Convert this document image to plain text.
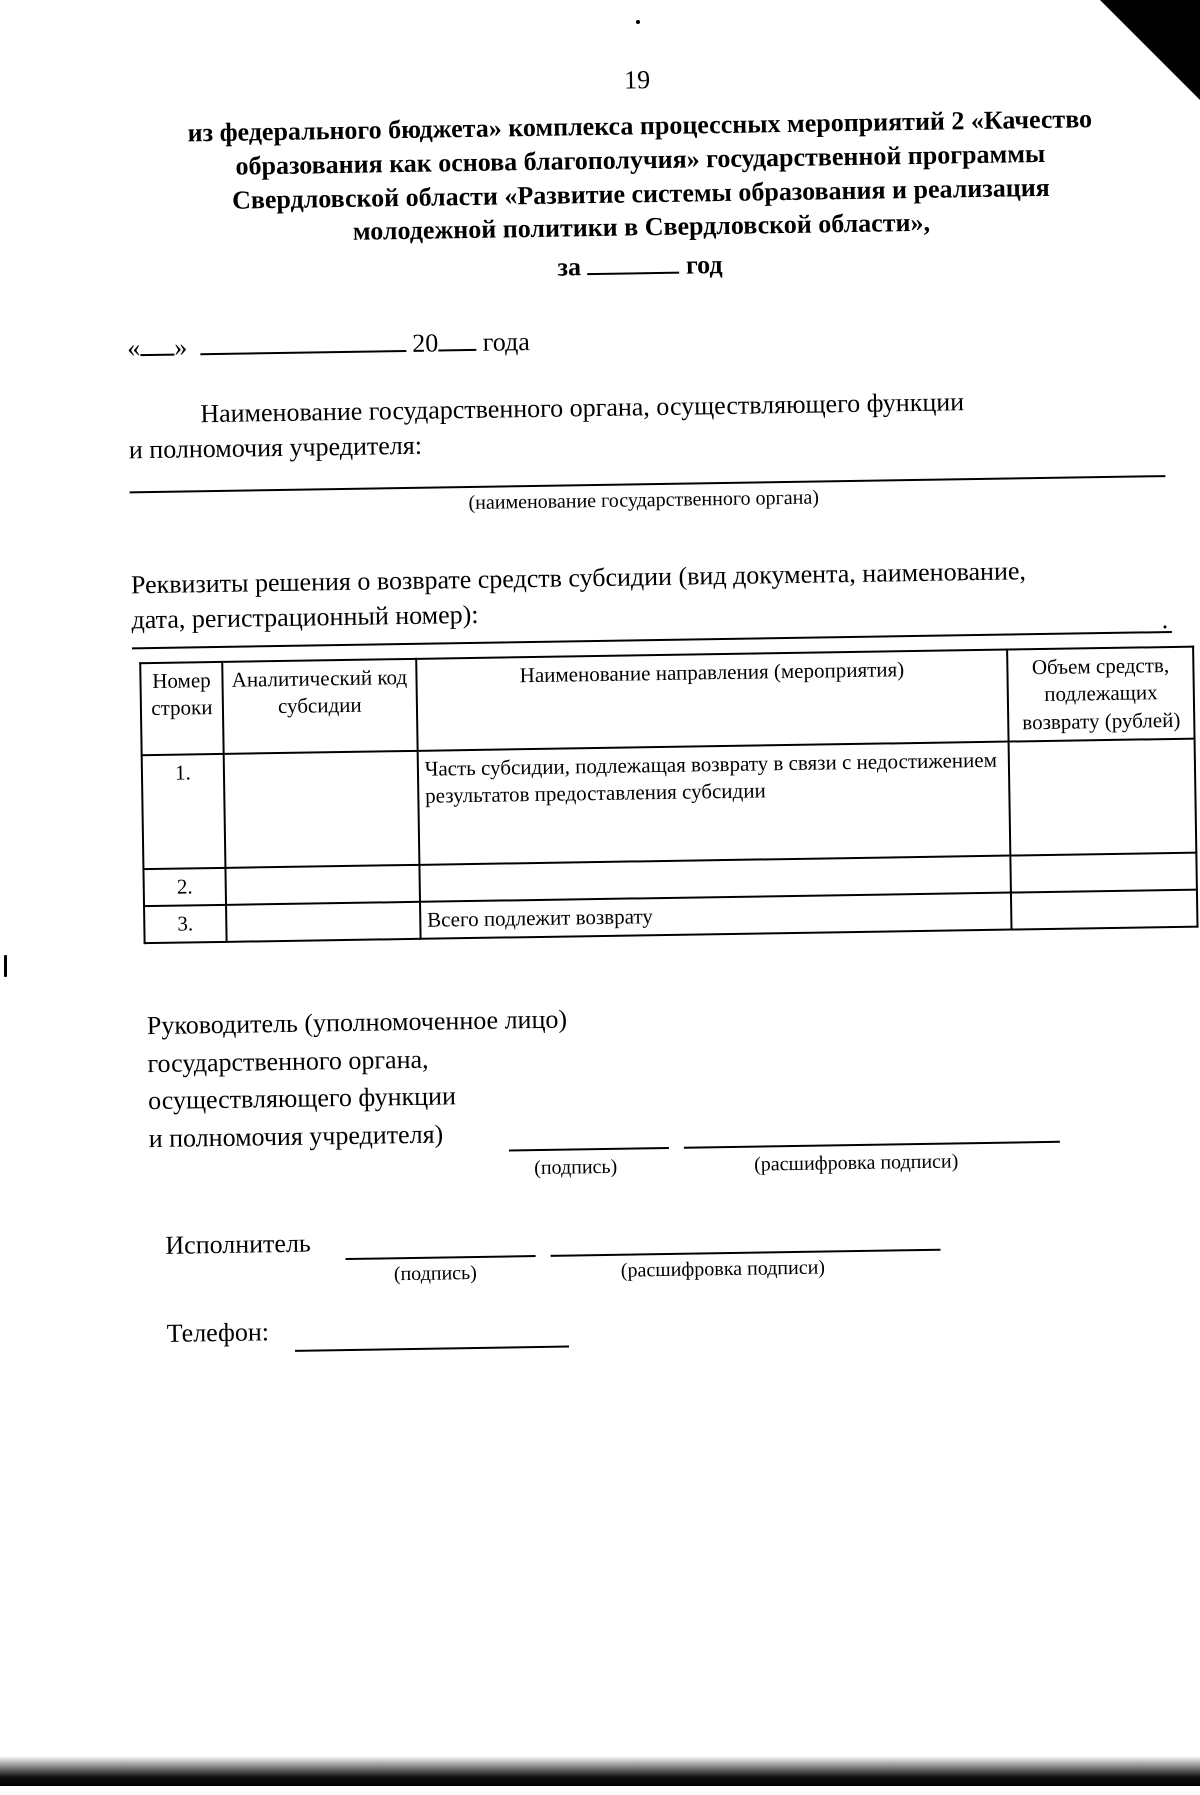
19
из федерального бюджета» комплекса процессных мероприятий 2 «Качество
образования как основа благополучия» государственной программы
Свердловской области «Развитие системы образования и реализация
молодежной политики в Свердловской области»,
за	год
« »	20 года
Наименование государственного органа, осуществляющего функции
и полномочия учредителя:
(наименование государственного органа)
Реквизиты решения о возврате средств субсидии (вид документа, наименование,
дата, регистрационный номер):
Номер строки	Аналитический код субсидии	Наименование направления (мероприятия)	Объем средств, подлежащих возврату (рублей)
1.		Часть субсидии, подлежащая возврату в связи с недостижением результатов предоставления субсидии	
2.			
3.		Всего подлежит возврату	
Руководитель (уполномоченное лицо)
государственного органа,
осуществляющего функции
и полномочия учредителя)
(подпись)	(расшифровка подписи)
Исполнитель
(подпись)	(расшифровка подписи)
Телефон:
.
